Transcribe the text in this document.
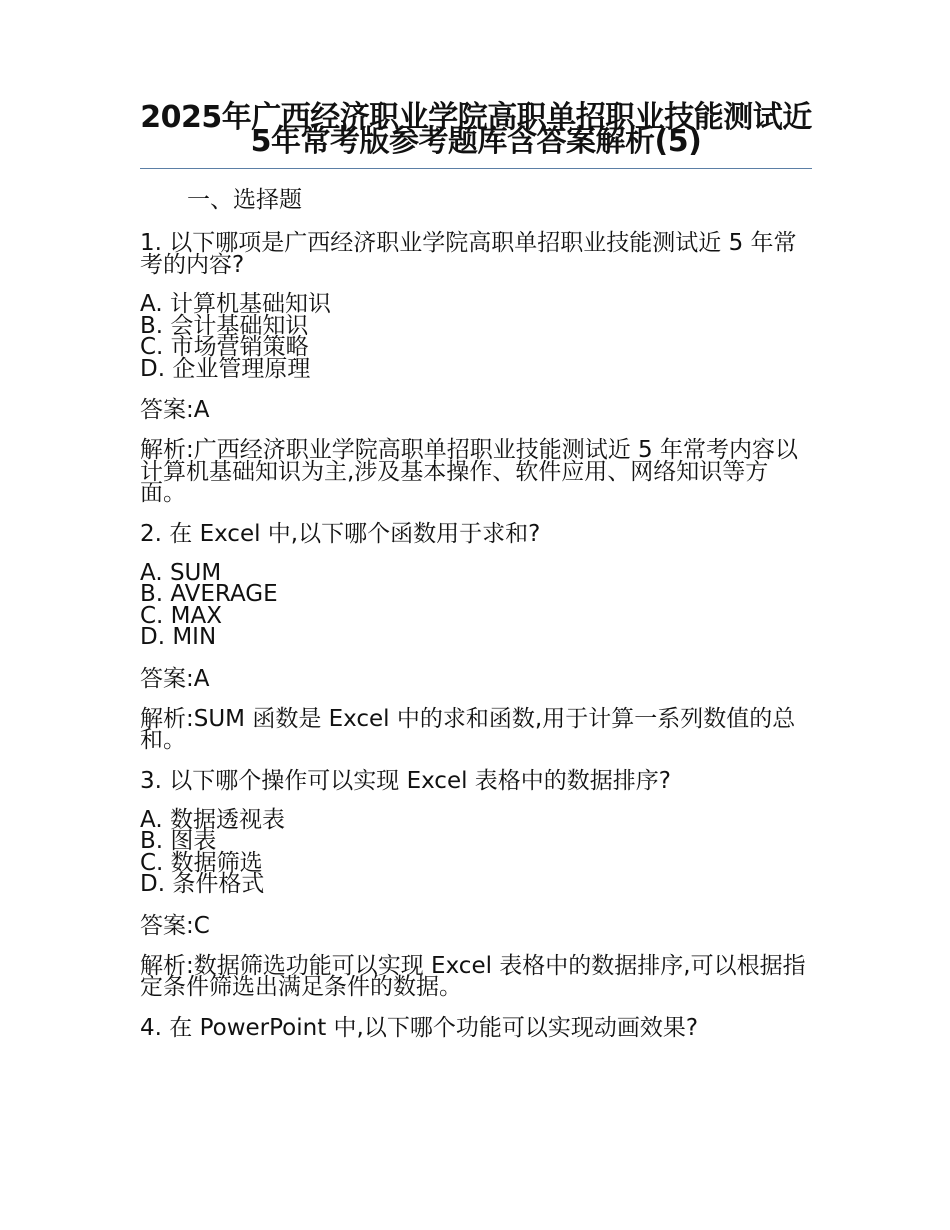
2025年广西经济职业学院高职单招职业技能测试近5年常考版参考题库含答案解析(5)
一、选择题

1. 以下哪项是广西经济职业学院高职单招职业技能测试近 5 年常考的内容?

A. 计算机基础知识
B. 会计基础知识
C. 市场营销策略
D. 企业管理原理

答案:A

解析:广西经济职业学院高职单招职业技能测试近 5 年常考内容以计算机基础知识为主,涉及基本操作、软件应用、网络知识等方面。

2. 在 Excel 中,以下哪个函数用于求和?

A. SUM
B. AVERAGE
C. MAX
D. MIN

答案:A

解析:SUM 函数是 Excel 中的求和函数,用于计算一系列数值的总和。

3. 以下哪个操作可以实现 Excel 表格中的数据排序?

A. 数据透视表
B. 图表
C. 数据筛选
D. 条件格式

答案:C

解析:数据筛选功能可以实现 Excel 表格中的数据排序,可以根据指定条件筛选出满足条件的数据。

4. 在 PowerPoint 中,以下哪个功能可以实现动画效果?
